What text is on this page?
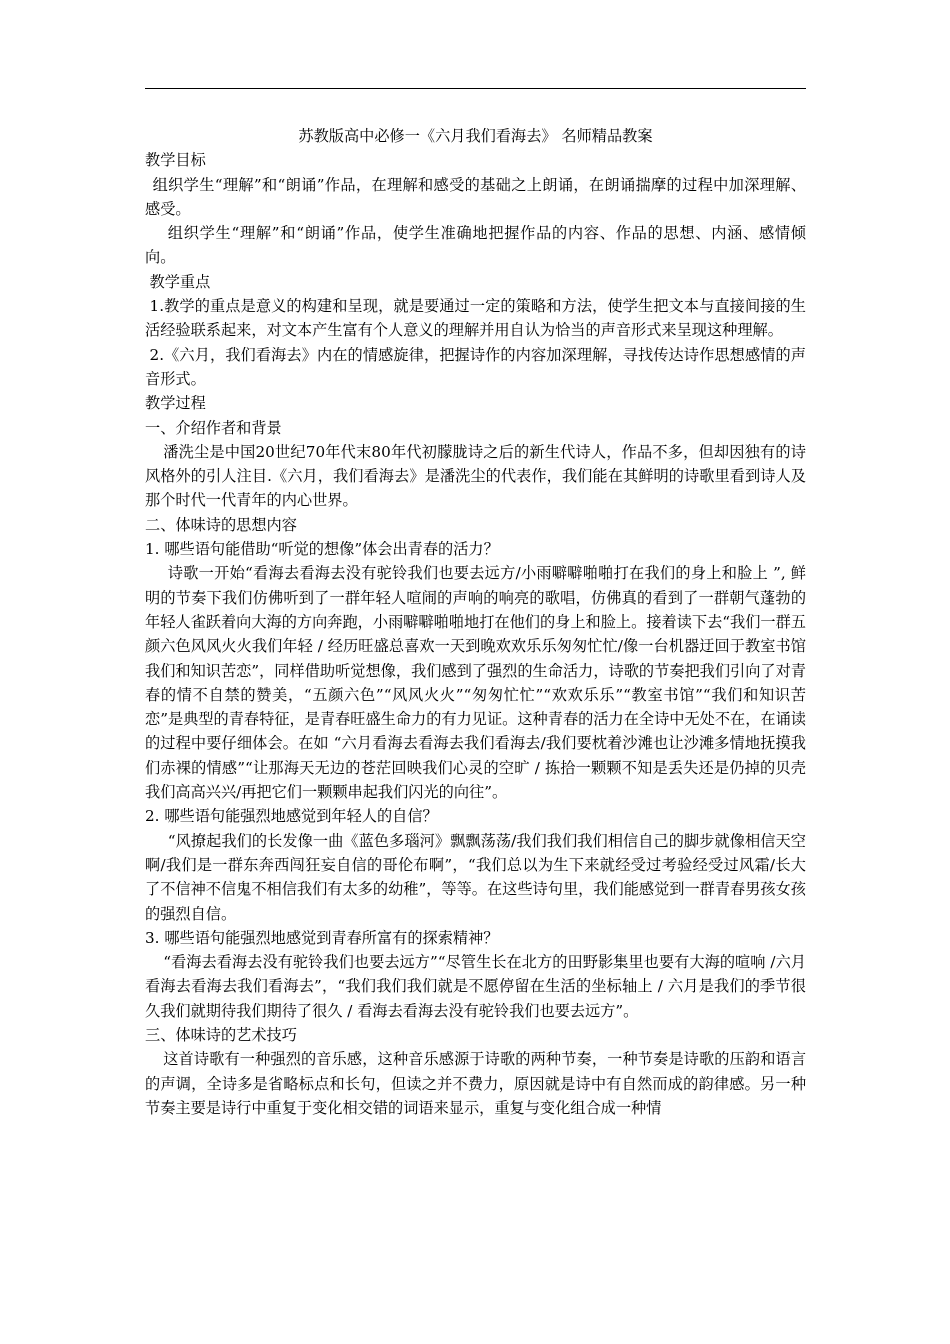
苏教版高中必修一《六月我们看海去》 名师精品教案

教学目标

组织学生“理解”和“朗诵”作品，在理解和感受的基础之上朗诵，在朗诵揣摩的过程中加深理解、感受。

组织学生“理解”和“朗诵”作品，使学生准确地把握作品的内容、作品的思想、内涵、感情倾向。

教学重点

1.教学的重点是意义的构建和呈现，就是要通过一定的策略和方法，使学生把文本与直接间接的生活经验联系起来，对文本产生富有个人意义的理解并用自认为恰当的声音形式来呈现这种理解。

2.《六月，我们看海去》内在的情感旋律，把握诗作的内容加深理解，寻找传达诗作思想感情的声音形式。

教学过程

一、介绍作者和背景

潘洗尘是中国20世纪70年代末80年代初朦胧诗之后的新生代诗人，作品不多，但却因独有的诗风格外的引人注目.《六月，我们看海去》是潘洗尘的代表作，我们能在其鲜明的诗歌里看到诗人及那个时代一代青年的内心世界。

二、体味诗的思想内容

1. 哪些语句能借助“听觉的想像”体会出青春的活力？

诗歌一开始“看海去看海去没有驼铃我们也要去远方/小雨噼噼啪啪打在我们的身上和脸上 ”, 鲜明的节奏下我们仿佛听到了一群年轻人喧闹的声响的响亮的歌唱，仿佛真的看到了一群朝气蓬勃的年轻人雀跃着向大海的方向奔跑，小雨噼噼啪啪地打在他们的身上和脸上。接着读下去“我们一群五颜六色风风火火我们年轻 / 经历旺盛总喜欢一天到晚欢欢乐乐匆匆忙忙/像一台机器迂回于教室书馆我们和知识苦恋”，同样借助听觉想像，我们感到了强烈的生命活力，诗歌的节奏把我们引向了对青春的情不自禁的赞美，“五颜六色”“风风火火”“匆匆忙忙”“欢欢乐乐”“教室书馆”“我们和知识苦恋”是典型的青春特征，是青春旺盛生命力的有力见证。这种青春的活力在全诗中无处不在，在诵读的过程中要仔细体会。在如 “六月看海去看海去我们看海去/我们要枕着沙滩也让沙滩多情地抚摸我们赤裸的情感”“让那海天无边的苍茫回映我们心灵的空旷 / 拣拾一颗颗不知是丢失还是仍掉的贝壳我们高高兴兴/再把它们一颗颗串起我们闪光的向往”。

2. 哪些语句能强烈地感觉到年轻人的自信？

“风撩起我们的长发像一曲《蓝色多瑙河》飘飘荡荡/我们我们我们相信自己的脚步就像相信天空啊/我们是一群东奔西闯狂妄自信的哥伦布啊”，“我们总以为生下来就经受过考验经受过风霜/长大了不信神不信鬼不相信我们有太多的幼稚”，等等。在这些诗句里，我们能感觉到一群青春男孩女孩的强烈自信。

3. 哪些语句能强烈地感觉到青春所富有的探索精神？

“看海去看海去没有驼铃我们也要去远方”“尽管生长在北方的田野影集里也要有大海的喧响 /六月看海去看海去我们看海去”，“我们我们我们就是不愿停留在生活的坐标轴上 / 六月是我们的季节很久我们就期待我们期待了很久 / 看海去看海去没有驼铃我们也要去远方”。

三、体味诗的艺术技巧

这首诗歌有一种强烈的音乐感，这种音乐感源于诗歌的两种节奏，一种节奏是诗歌的压韵和语言的声调，全诗多是省略标点和长句，但读之并不费力，原因就是诗中有自然而成的韵律感。另一种节奏主要是诗行中重复于变化相交错的词语来显示，重复与变化组合成一种情
